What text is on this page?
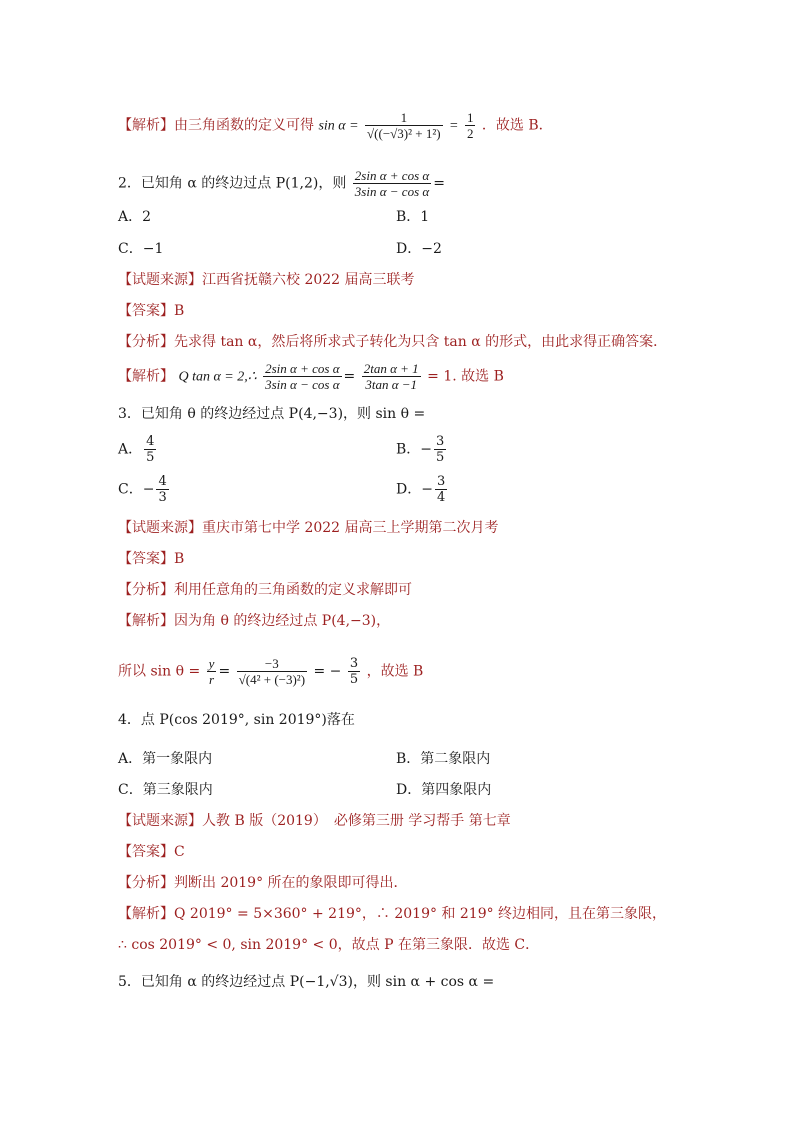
【解析】由三角函数的定义可得 $\sin \alpha = \frac{1}{\text{√((−√3)² + 1²)}} = \frac{1}{2}$ ．故选 B．
2．已知角 α 的终边过点 P(1,2)，则 $\frac{\text{2sin α + cos α}}{\text{3sin α − cos α}}$ =
A．2	B．1
C．−1	D．−2
【试题来源】江西省抚赣六校 2022 届高三联考
【答案】B
【分析】先求得 tan α，然后将所求式子转化为只含 tan α 的形式，由此求得正确答案．
【解析】 Q tan α = 2,∴ $\frac{\text{2sin α + cos α}}{\text{3sin α − cos α}} = \frac{\text{2tan α + 1}}{\text{3tan α −1}} = 1$. 故选 B
3．已知角 θ 的终边经过点 P(4,−3)，则 sin θ =
A． $\frac{4}{5}$	B．− $\frac{3}{5}$
C．− $\frac{4}{3}$	D．− $\frac{3}{4}$
【试题来源】重庆市第七中学 2022 届高三上学期第二次月考
【答案】B
【分析】利用任意角的三角函数的定义求解即可
【解析】因为角 θ 的终边经过点 P(4,−3)，
所以 $\sin \theta = \frac{y}{r} = \frac{-3}{\text{√(4² + (−3)²)}}$ = − $\frac{3}{5}$ ，故选 B
4．点 P(cos 2019°, sin 2019°)落在
A．第一象限内	B．第二象限内
C．第三象限内	D．第四象限内
【试题来源】人教 B 版（2019）　必修第三册 学习帮手 第七章
【答案】C
【分析】判断出 2019° 所在的象限即可得出．
【解析】Q 2019° = 5×360° + 219°，∴ 2019° 和 219° 终边相同，且在第三象限，
∴ cos 2019° < 0, sin 2019° < 0，故点 P 在第三象限．故选 C．
5．已知角 α 的终边经过点 P(−1,√3)，则 sin α + cos α =
